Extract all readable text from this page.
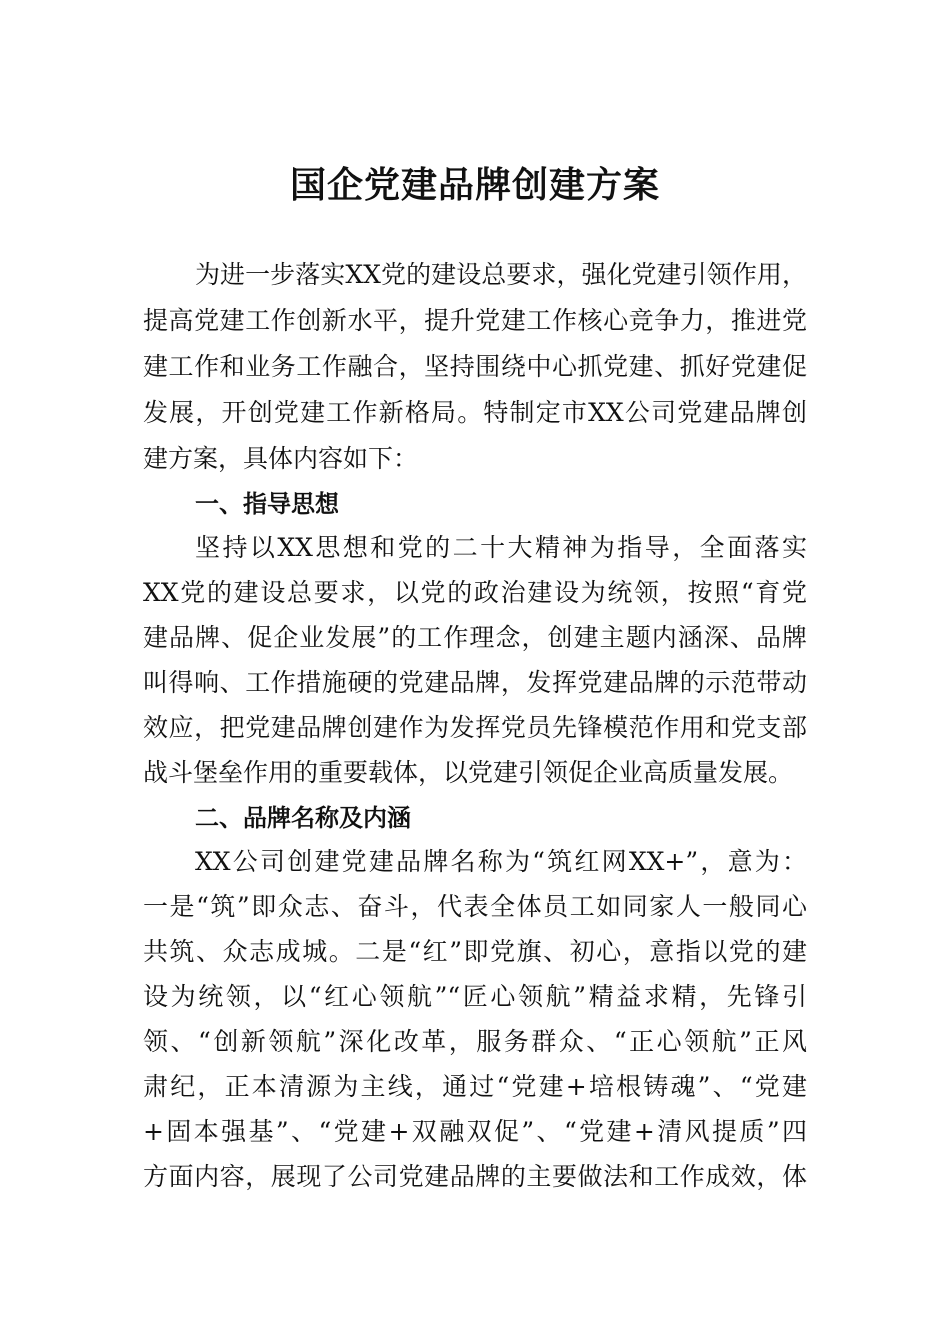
国企党建品牌创建方案
为进一步落实XX党的建设总要求，强化党建引领作用，
提高党建工作创新水平，提升党建工作核心竞争力，推进党
建工作和业务工作融合，坚持围绕中心抓党建、抓好党建促
发展，开创党建工作新格局。特制定市XX公司党建品牌创
建方案，具体内容如下：
一、指导思想
坚持以XX思想和党的二十大精神为指导，全面落实
XX党的建设总要求，以党的政治建设为统领，按照“育党
建品牌、促企业发展”的工作理念，创建主题内涵深、品牌
叫得响、工作措施硬的党建品牌，发挥党建品牌的示范带动
效应，把党建品牌创建作为发挥党员先锋模范作用和党支部
战斗堡垒作用的重要载体，以党建引领促企业高质量发展。
二、品牌名称及内涵
XX公司创建党建品牌名称为“筑红网XX+”，意为：
一是“筑”即众志、奋斗，代表全体员工如同家人一般同心
共筑、众志成城。二是“红”即党旗、初心，意指以党的建
设为统领，以“红心领航”“匠心领航”精益求精，先锋引
领、“创新领航”深化改革，服务群众、“正心领航”正风
肃纪，正本清源为主线，通过“党建+培根铸魂”、“党建
+固本强基”、“党建+双融双促”、“党建+清风提质”四
方面内容，展现了公司党建品牌的主要做法和工作成效，体
